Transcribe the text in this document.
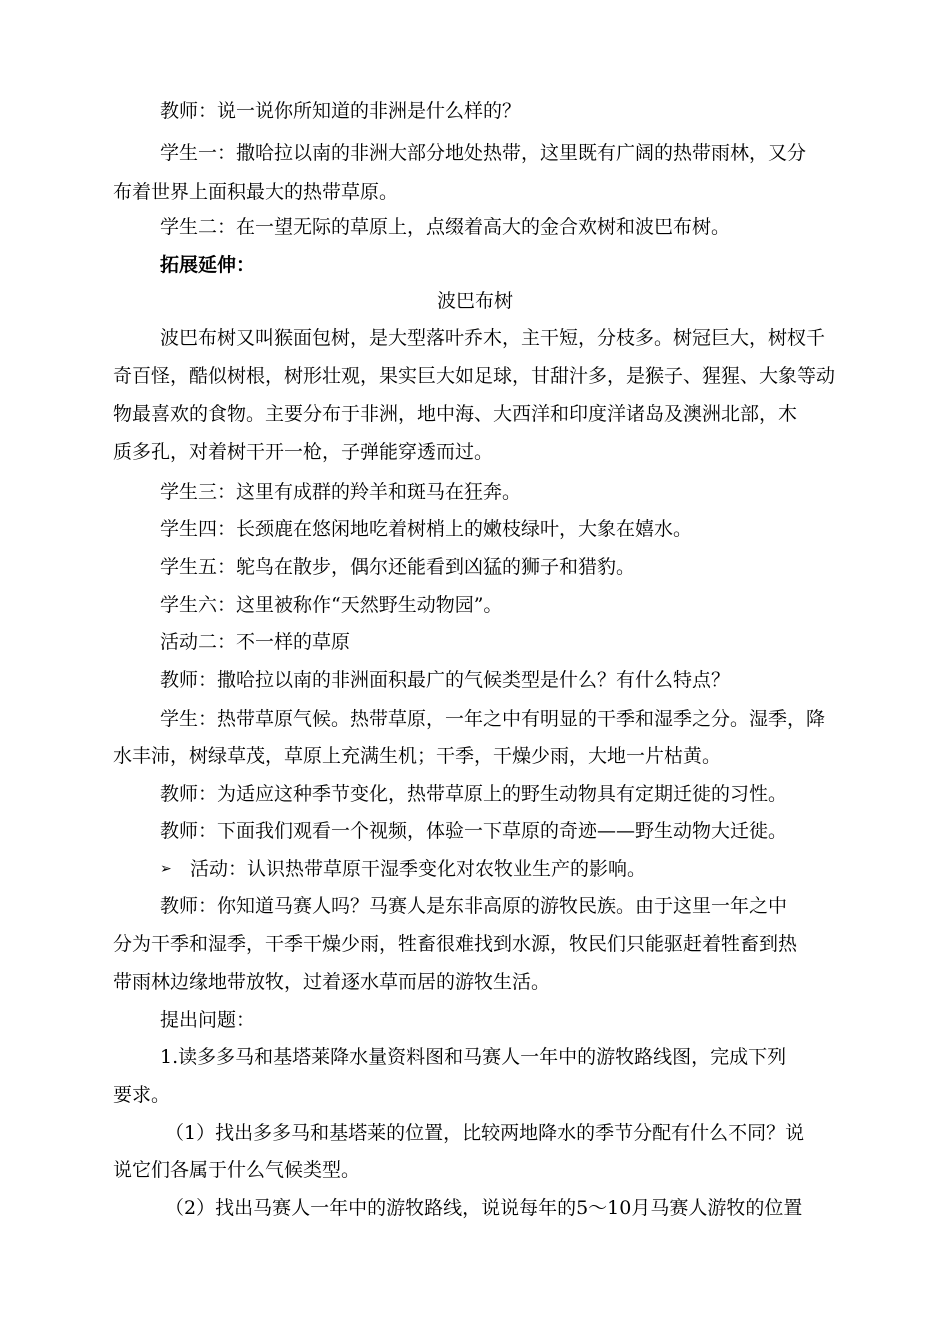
教师：说一说你所知道的非洲是什么样的？
学生一：撒哈拉以南的非洲大部分地处热带，这里既有广阔的热带雨林，又分
布着世界上面积最大的热带草原。
学生二：在一望无际的草原上，点缀着高大的金合欢树和波巴布树。
拓展延伸：
波巴布树
波巴布树又叫猴面包树，是大型落叶乔木，主干短，分枝多。树冠巨大，树杈千
奇百怪，酷似树根，树形壮观，果实巨大如足球，甘甜汁多，是猴子、猩猩、大象等动
物最喜欢的食物。主要分布于非洲，地中海、大西洋和印度洋诸岛及澳洲北部，木
质多孔，对着树干开一枪，子弹能穿透而过。
学生三：这里有成群的羚羊和斑马在狂奔。
学生四：长颈鹿在悠闲地吃着树梢上的嫩枝绿叶，大象在嬉水。
学生五：鸵鸟在散步，偶尔还能看到凶猛的狮子和猎豹。
学生六：这里被称作“天然野生动物园”。
活动二：不一样的草原
教师：撒哈拉以南的非洲面积最广的气候类型是什么？有什么特点？
学生：热带草原气候。热带草原，一年之中有明显的干季和湿季之分。湿季，降
水丰沛，树绿草茂，草原上充满生机；干季，干燥少雨，大地一片枯黄。
教师：为适应这种季节变化，热带草原上的野生动物具有定期迁徙的习性。
教师：下面我们观看一个视频，体验一下草原的奇迹——野生动物大迁徙。
➢ 活动：认识热带草原干湿季变化对农牧业生产的影响。
教师：你知道马赛人吗？马赛人是东非高原的游牧民族。由于这里一年之中
分为干季和湿季，干季干燥少雨，牲畜很难找到水源，牧民们只能驱赶着牲畜到热
带雨林边缘地带放牧，过着逐水草而居的游牧生活。
提出问题：
1.读多多马和基塔莱降水量资料图和马赛人一年中的游牧路线图，完成下列
要求。
（1）找出多多马和基塔莱的位置，比较两地降水的季节分配有什么不同？说
说它们各属于什么气候类型。
（2）找出马赛人一年中的游牧路线，说说每年的5～10月马赛人游牧的位置
